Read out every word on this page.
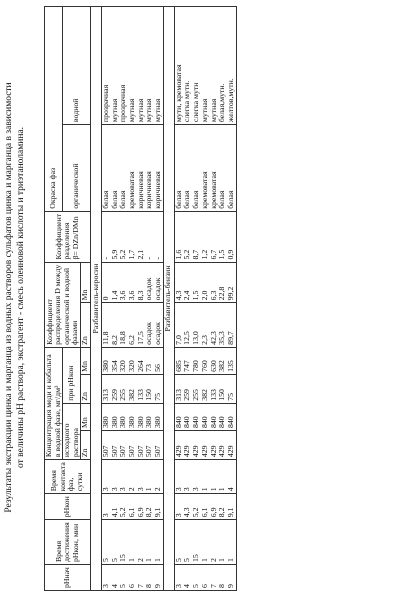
Результаты экстракции цинка и марганца из водных растворов сульфатов цинка и марганца в зависимости от величины pH раствора, экстрагент - смесь олеиновой кислоты и триэтаноламина.
pHнач	Время достижения pHкон, мин	pHкон	Время контакта фаз, сутки	Концентрация меди и кобальта в водной фазе, мг/дм³				Коэффициент распределения D между органической и водной фазами		Коэффициент разделения β= DZn/DMn	Окраска фаз	
				исходного раствора		при pHкон					органической	водной
				Zn	Mn	Zn	Mn	Zn	Mn			
Разбавитель-керосин												
3	5	3	3	507	380	313	380	11,8	0	-	белая	прозрачная
4	5	4,1	3	507	380	259	354	8,2	1,4	5,9	белая	мутная
5	15	5,2	3	507	380	255	320	18,8	3,6	5,2	белая	прозрачная
6	1	6,1	2	507	380	382	320	6,2	3,6	1,7	кремоватая	мутная
7	2	6,9	3	507	380	133	264	17,5	8,3	2,1	коричневая	мутная
8	1	8,2	1	507	380	150	73	осадок	осадок	-	коричневая	мутная
9	1	9,1	2	507	380	75	56	осадок	осадок	-	коричневая	мутная
Разбавитель-бензин												
3	5	3	3	429	840	313	685	7,0	4,3	1,6	белая	мути, кремоватая
4	5	4,3	3	429	840	259	747	12,5	2,4	5,2	белая	слегка мутн.
5	15	5,2	3	429	840	255	780	13,0	1,5	8,7	белая	слегка мутн
6	1	6,1	1	429	840	382	760	2,3	2,0	1,2	кремоватая	мутная
7	2	6,9	1	429	840	133	630	42,3	6,3	6,7	кремоватая	мутная
8	1	8,2	1	429	840	150	382	35,3	22,8	1,5	белая	белая,мутн.
9	1	9,1	4	429	840	75	135	89,7	99,2	0,9	белая	желтов,мутн.
